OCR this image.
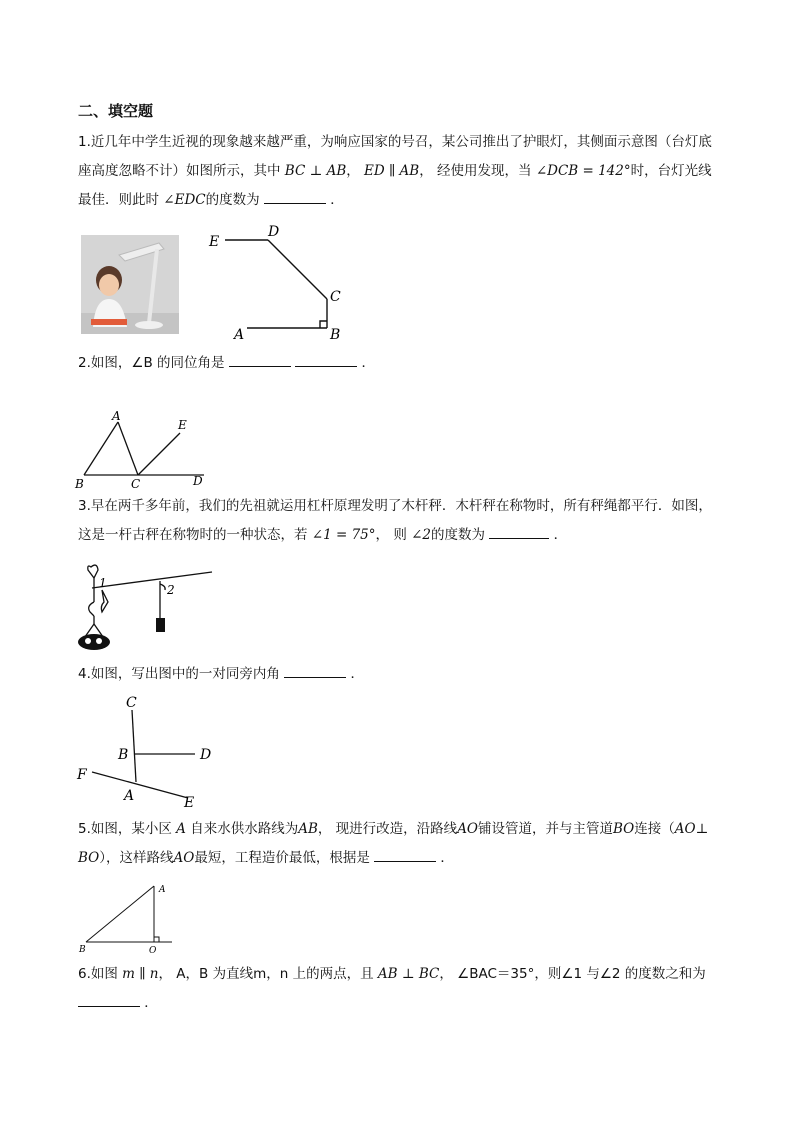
二、填空题
1.近几年中学生近视的现象越来越严重，为响应国家的号召，某公司推出了护眼灯，其侧面示意图（台灯底座高度忽略不计）如图所示，其中 BC ⊥ AB， ED ∥ AB， 经使用发现，当 ∠DCB = 142°时，台灯光线最佳．则此时 ∠EDC的度数为	．
E
D
C
A	B
2.如图，∠B 的同位角是	．
A
E
B	C	D
3.早在两千多年前，我们的先祖就运用杠杆原理发明了木杆秤．木杆秤在称物时，所有秤绳都平行．如图，这是一杆古秤在称物时的一种状态，若 ∠1 = 75°， 则 ∠2的度数为	．
1	2
4.如图，写出图中的一对同旁内角	．
C
B	D
F
A	E
5.如图，某小区 A 自来水供水路线为AB， 现进行改造，沿路线AO铺设管道，并与主管道BO连接（AO⊥ BO），这样路线AO最短，工程造价最低，根据是	．
A
B	O
6.如图 m ∥ n， A，B 为直线m，n 上的两点，且 AB ⊥ BC， ∠BAC＝35°，则∠1 与∠2 的度数之和为
．
